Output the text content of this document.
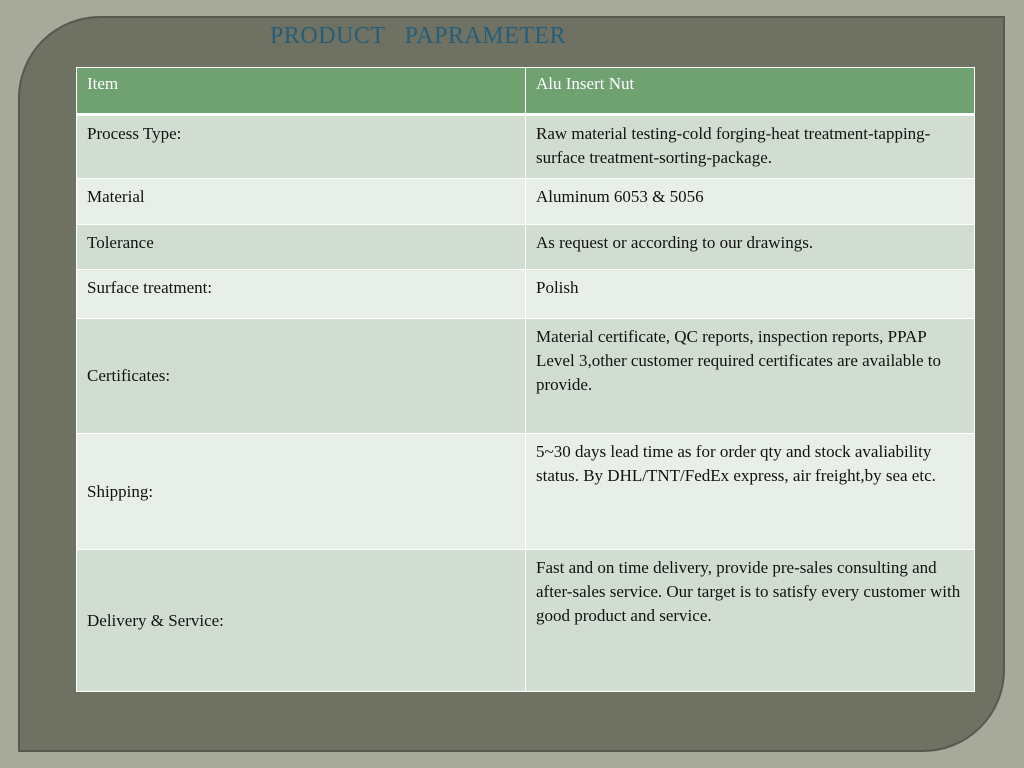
PRODUCT   PAPRAMETER
Item	Alu Insert Nut
Process Type:	Raw material testing-cold forging-heat treatment-tapping-surface treatment-sorting-package.
Material	Aluminum 6053 & 5056
Tolerance	As request or according to our drawings.
Surface treatment:	Polish
Certificates:	Material certificate, QC reports, inspection reports, PPAP Level 3,other customer required certificates are available to provide.
Shipping:	5~30 days lead time as for order qty and stock avaliability status. By DHL/TNT/FedEx express, air freight,by sea etc.
Delivery & Service:	Fast and on time delivery, provide pre-sales consulting and after-sales service. Our target is to satisfy every customer with good product and service.
